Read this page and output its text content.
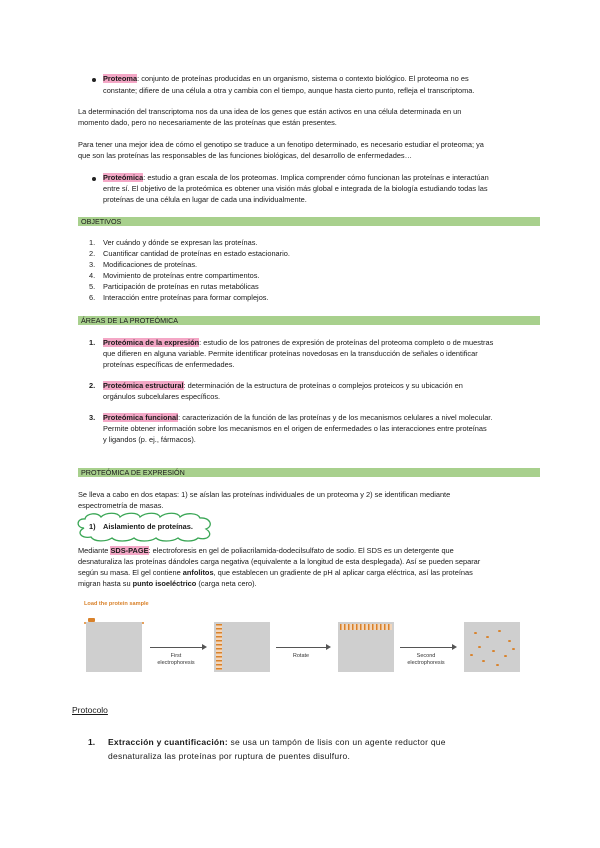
Proteoma: conjunto de proteínas producidas en un organismo, sistema o contexto biológico. El proteoma no es
constante; difiere de una célula a otra y cambia con el tiempo, aunque hasta cierto punto, refleja el transcriptoma.
La determinación del transcriptoma nos da una idea de los genes que están activos en una célula determinada en un
momento dado, pero no necesariamente de las proteínas que están presentes.
Para tener una mejor idea de cómo el genotipo se traduce a un fenotipo determinado, es necesario estudiar el proteoma; ya
que son las proteínas las responsables de las funciones biológicas, del desarrollo de enfermedades…
Proteómica: estudio a gran escala de los proteomas. Implica comprender cómo funcionan las proteínas e interactúan
entre sí. El objetivo de la proteómica es obtener una visión más global e integrada de la biología estudiando todas las
proteínas de una célula en lugar de cada una individualmente.
OBJETIVOS
1. Ver cuándo y dónde se expresan las proteínas.
2. Cuantificar cantidad de proteínas en estado estacionario.
3. Modificaciones de proteínas.
4. Movimiento de proteínas entre compartimentos.
5. Participación de proteínas en rutas metabólicas
6. Interacción entre proteínas para formar complejos.
ÁREAS DE LA PROTEÓMICA
1. Proteómica de la expresión: estudio de los patrones de expresión de proteínas del proteoma completo o de muestras
que difieren en alguna variable. Permite identificar proteínas novedosas en la transducción de señales o identificar
proteínas específicas de enfermedades.
2. Proteómica estructural: determinación de la estructura de proteínas o complejos proteicos y su ubicación en
orgánulos subcelulares específicos.
3. Proteómica funcional: caracterización de la función de las proteínas y de los mecanismos celulares a nivel molecular.
Permite obtener información sobre los mecanismos en el origen de enfermedades o las interacciones entre proteínas
y ligandos (p. ej., fármacos).
PROTEÓMICA DE EXPRESIÓN
Se lleva a cabo en dos etapas: 1) se aíslan las proteínas individuales de un proteoma y 2) se identifican mediante
espectrometría de masas.
1) Aislamiento de proteínas.
Mediante SDS-PAGE: electroforesis en gel de poliacrilamida-dodecilsulfato de sodio. El SDS es un detergente que
desnaturaliza las proteínas dándoles carga negativa (equivalente a la longitud de esta desplegada). Así se pueden separar
según su masa. El gel contiene anfolitos, que establecen un gradiente de pH al aplicar carga eléctrica, así las proteínas
migran hasta su punto isoeléctrico (carga neta cero).
Load the protein sample
First electrophoresis
Rotate	Second electrophoresis
Protocolo
1. Extracción y cuantificación: se usa un tampón de lisis con un agente reductor que
desnaturaliza las proteínas por ruptura de puentes disulfuro.
